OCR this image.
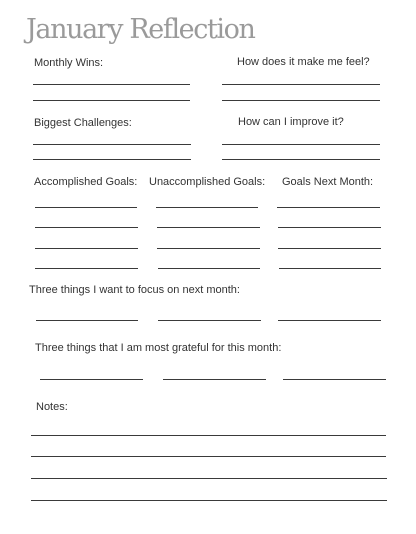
January Reflection
Monthly Wins:	How does it make me feel?
Biggest Challenges:	How can I improve it?
Accomplished Goals: Unaccomplished Goals: Goals Next Month:
Three things I want to focus on next month:
Three things that I am most grateful for this month:
Notes:
